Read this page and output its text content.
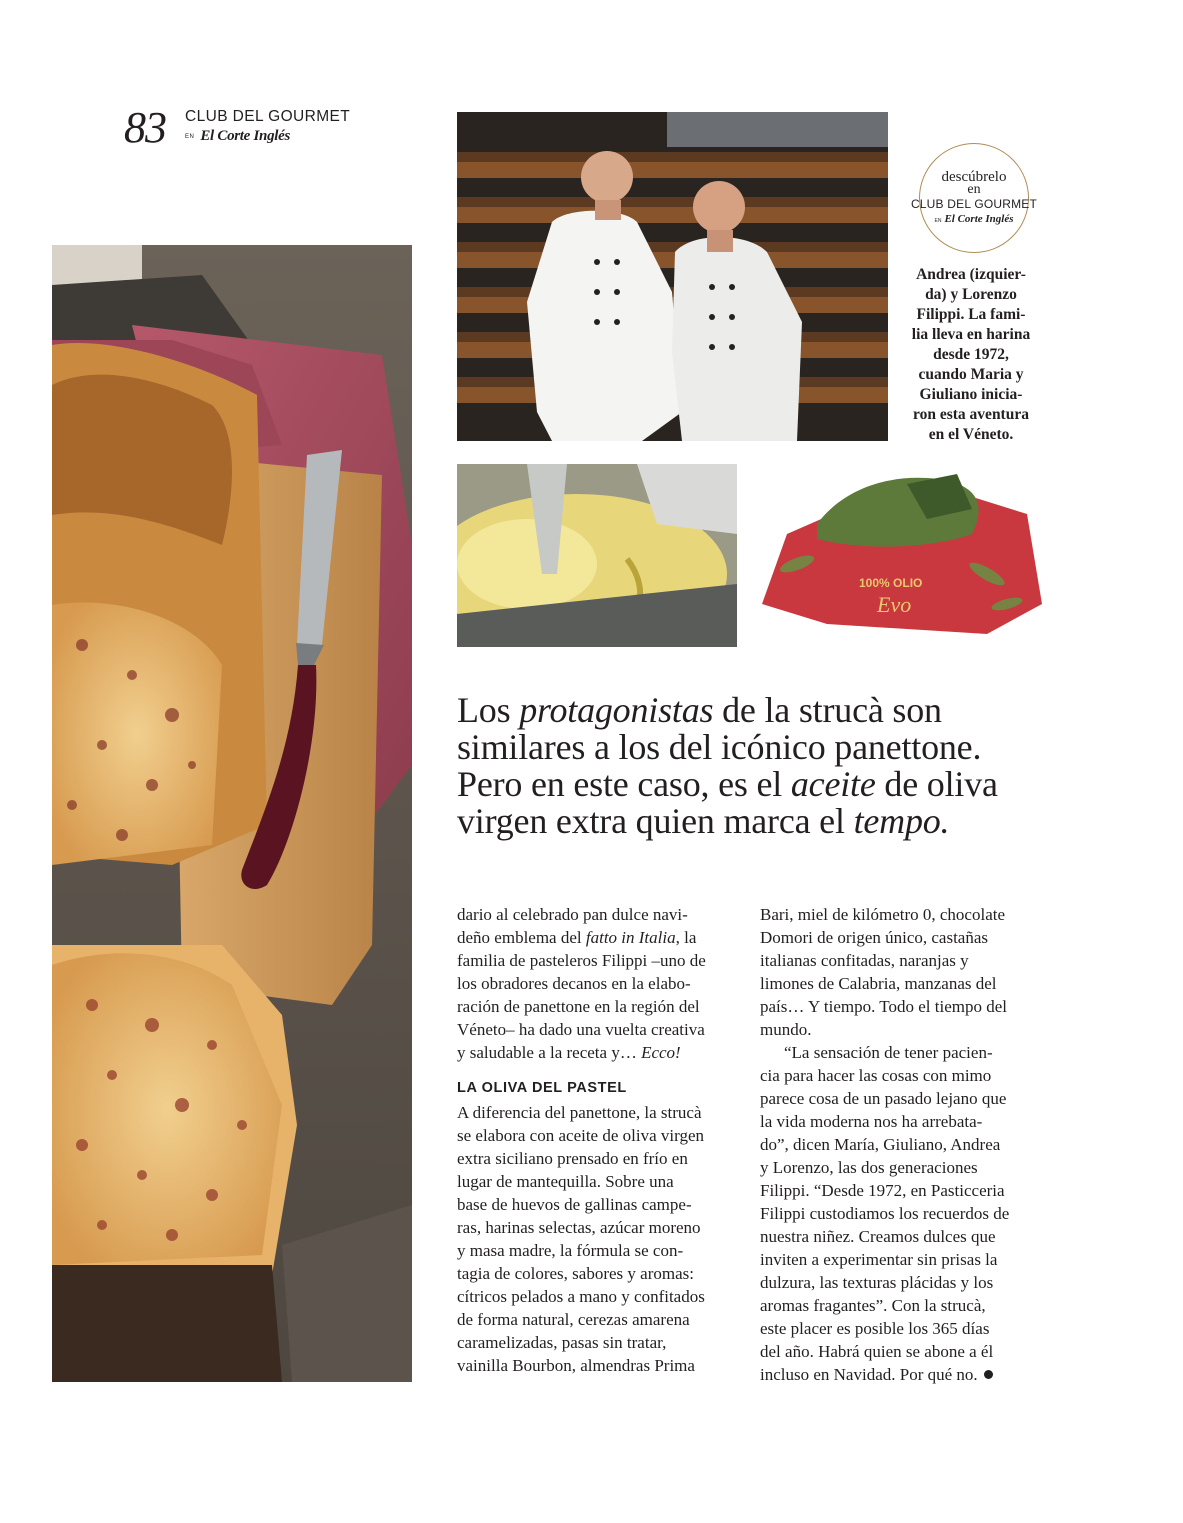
83 CLUB DEL GOURMET
EN El Corte Inglés
100% OLIO
Evo
descúbrelo
en
CLUB DEL GOURMET
EN El Corte Inglés
Andrea (izquier-
da) y Lorenzo
Filippi. La fami-
lia lleva en harina
desde 1972,
cuando Maria y
Giuliano inicia-
ron esta aventura
en el Véneto.
Los protagonistas de la strucà son
similares a los del icónico panettone.
Pero en este caso, es el aceite de oliva
virgen extra quien marca el tempo.
dario al celebrado pan dulce navi-
deño emblema del fatto in Italia, la
familia de pasteleros Filippi –uno de
los obradores decanos en la elabo-
ración de panettone en la región del
Véneto– ha dado una vuelta creativa
y saludable a la receta y… Ecco!
LA OLIVA DEL PASTEL
A diferencia del panettone, la strucà
se elabora con aceite de oliva virgen
extra siciliano prensado en frío en
lugar de mantequilla. Sobre una
base de huevos de gallinas campe-
ras, harinas selectas, azúcar moreno
y masa madre, la fórmula se con-
tagia de colores, sabores y aromas:
cítricos pelados a mano y confitados
de forma natural, cerezas amarena
caramelizadas, pasas sin tratar,
vainilla Bourbon, almendras Prima
Bari, miel de kilómetro 0, chocolate
Domori de origen único, castañas
italianas confitadas, naranjas y
limones de Calabria, manzanas del
país… Y tiempo. Todo el tiempo del
mundo.
“La sensación de tener pacien-
cia para hacer las cosas con mimo
parece cosa de un pasado lejano que
la vida moderna nos ha arrebata-
do”, dicen María, Giuliano, Andrea
y Lorenzo, las dos generaciones
Filippi. “Desde 1972, en Pasticceria
Filippi custodiamos los recuerdos de
nuestra niñez. Creamos dulces que
inviten a experimentar sin prisas la
dulzura, las texturas plácidas y los
aromas fragantes”. Con la strucà,
este placer es posible los 365 días
del año. Habrá quien se abone a él
incluso en Navidad. Por qué no.
